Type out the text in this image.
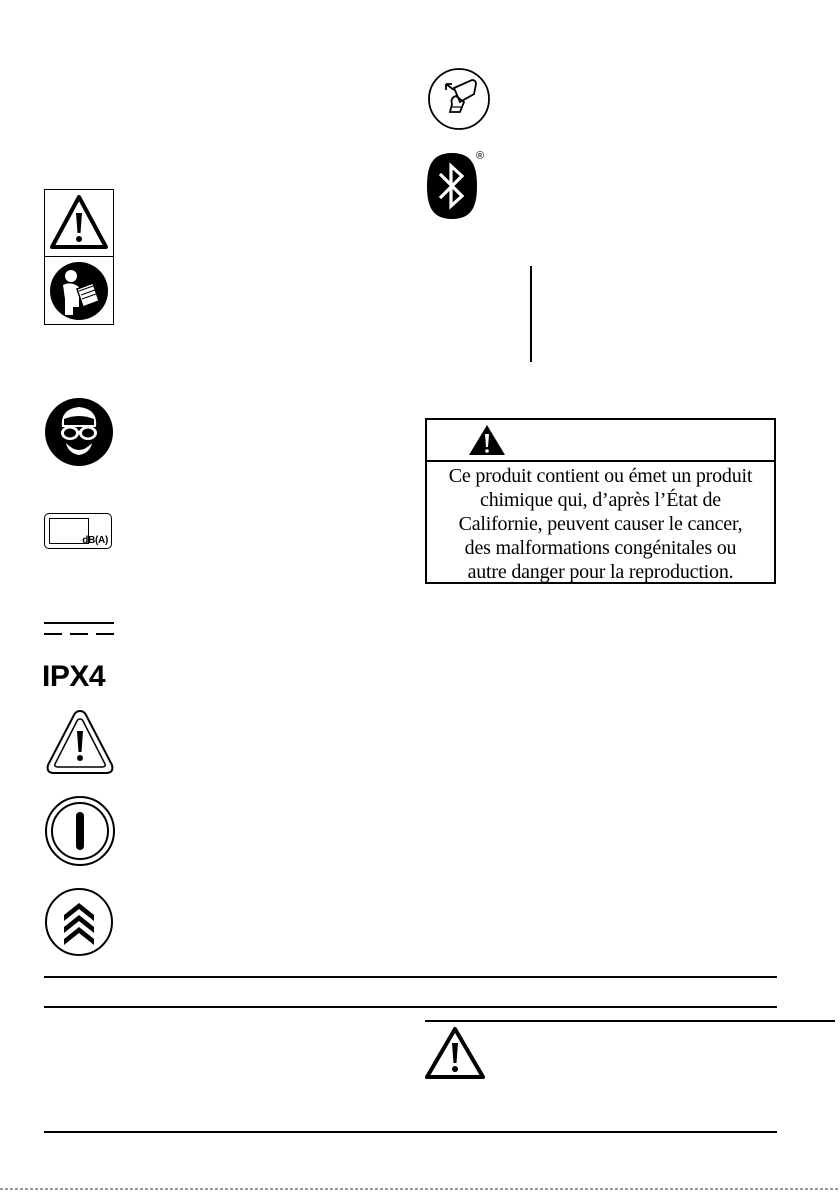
dB(A)
IPX4
®
Ce produit contient ou émet un produit
chimique qui, d’après l’État de
Californie, peuvent causer le cancer,
des malformations congénitales ou
autre danger pour la reproduction.
